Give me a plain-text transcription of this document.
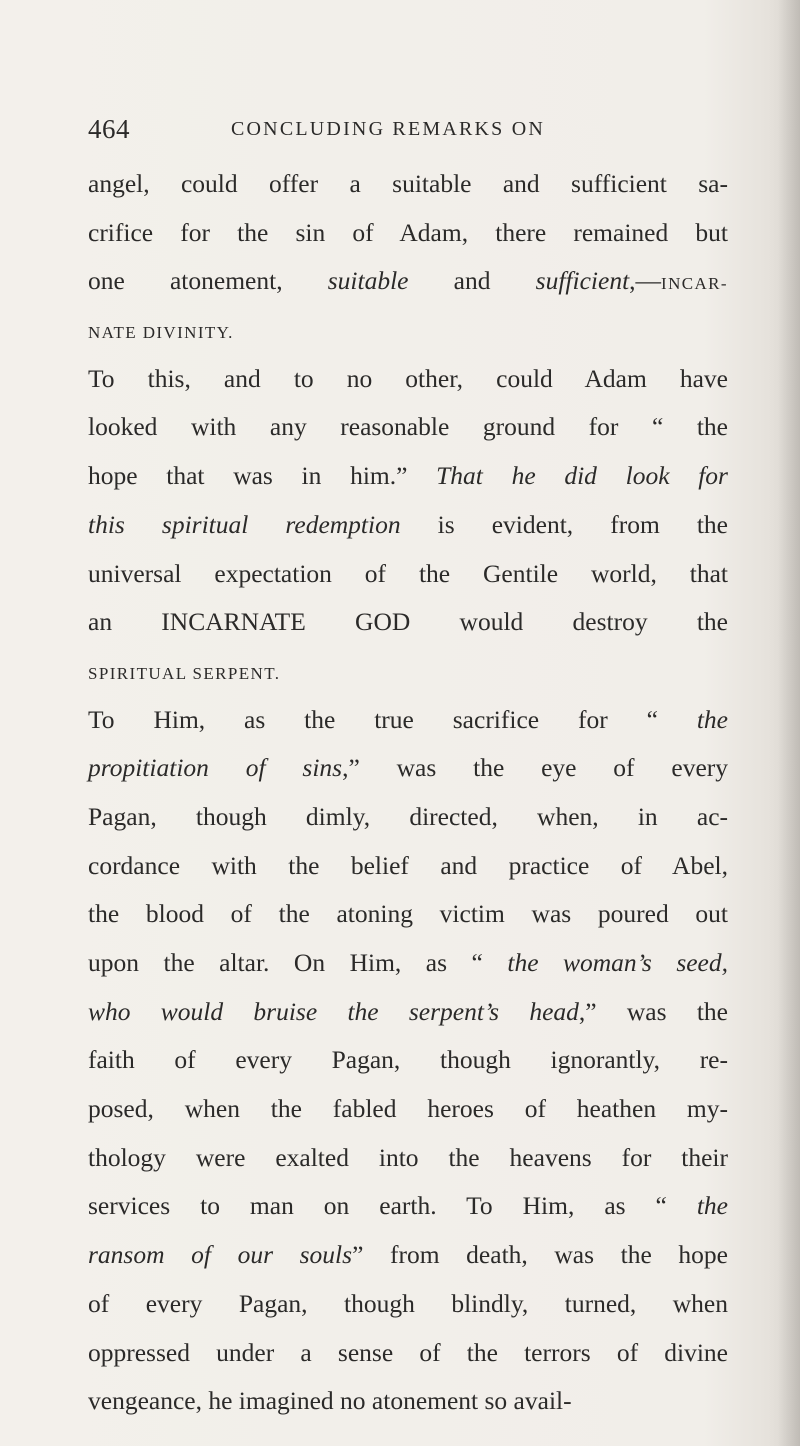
464	CONCLUDING REMARKS ON
angel, could offer a suitable and sufficient sa-
crifice for the sin of Adam, there remained but
one atonement, suitable and sufficient,—INCAR-
NATE DIVINITY.
To this, and to no other, could Adam have
looked with any reasonable ground for “ the
hope that was in him.” That he did look for
this spiritual redemption is evident, from the
universal expectation of the Gentile world, that
an INCARNATE GOD would destroy the
SPIRITUAL SERPENT.
To Him, as the true sacrifice for “ the
propitiation of sins,” was the eye of every
Pagan, though dimly, directed, when, in ac-
cordance with the belief and practice of Abel,
the blood of the atoning victim was poured out
upon the altar. On Him, as “ the woman’s seed,
who would bruise the serpent’s head,” was the
faith of every Pagan, though ignorantly, re-
posed, when the fabled heroes of heathen my-
thology were exalted into the heavens for their
services to man on earth. To Him, as “ the
ransom of our souls” from death, was the hope
of every Pagan, though blindly, turned, when
oppressed under a sense of the terrors of divine
vengeance, he imagined no atonement so avail-
